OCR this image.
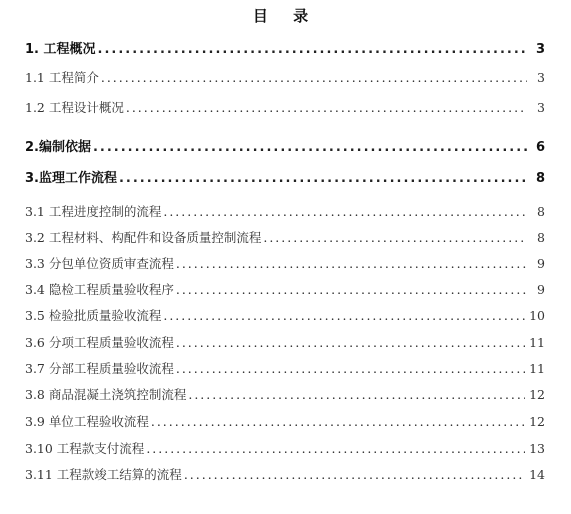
目 录
1. 工程概况 .....	3
1.1 工程简介 .....	3
1.2 工程设计概况 .....	3
2.编制依据 .....	6
3.监理工作流程 .....	8
3.1 工程进度控制的流程 .....	8
3.2 工程材料、构配件和设备质量控制流程 .....	8
3.3 分包单位资质审查流程 .....	9
3.4 隐检工程质量验收程序 .....	9
3.5 检验批质量验收流程 .....	10
3.6 分项工程质量验收流程 .....	11
3.7 分部工程质量验收流程 .....	11
3.8 商品混凝土浇筑控制流程 .....	12
3.9 单位工程验收流程 .....	12
3.10 工程款支付流程 .....	13
3.11 工程款竣工结算的流程 .....	14
